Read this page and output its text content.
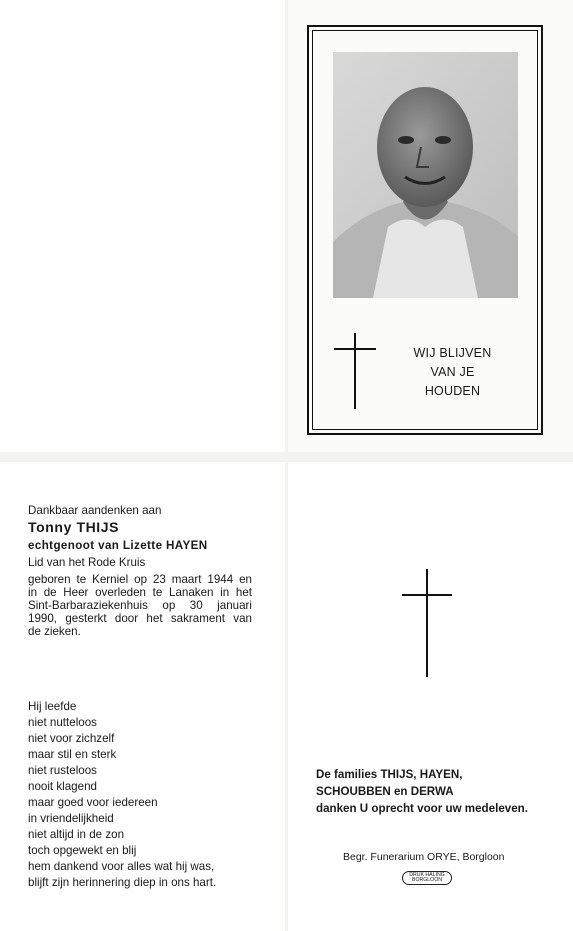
WIJ BLIJVEN
VAN JE
HOUDEN
Dankbaar aandenken aan
Tonny THIJS
echtgenoot van Lizette HAYEN
Lid van het Rode Kruis
geboren te Kerniel op 23 maart 1944 en
in de Heer overleden te Lanaken in het
Sint-Barbaraziekenhuis op 30 januari
1990, gesterkt door het sakrament van
de zieken.
Hij leefde
niet nutteloos
niet voor zichzelf
maar stil en sterk
niet rusteloos
nooit klagend
maar goed voor iedereen
in vriendelijkheid
niet altijd in de zon
toch opgewekt en blij
hem dankend voor alles wat hij was,
blijft zijn herinnering diep in ons hart.
De families THIJS, HAYEN,
SCHOUBBEN en DERWA
danken U oprecht voor uw medeleven.
Begr. Funerarium ORYE, Borgloon
DRUK HALING
BORGLOON
